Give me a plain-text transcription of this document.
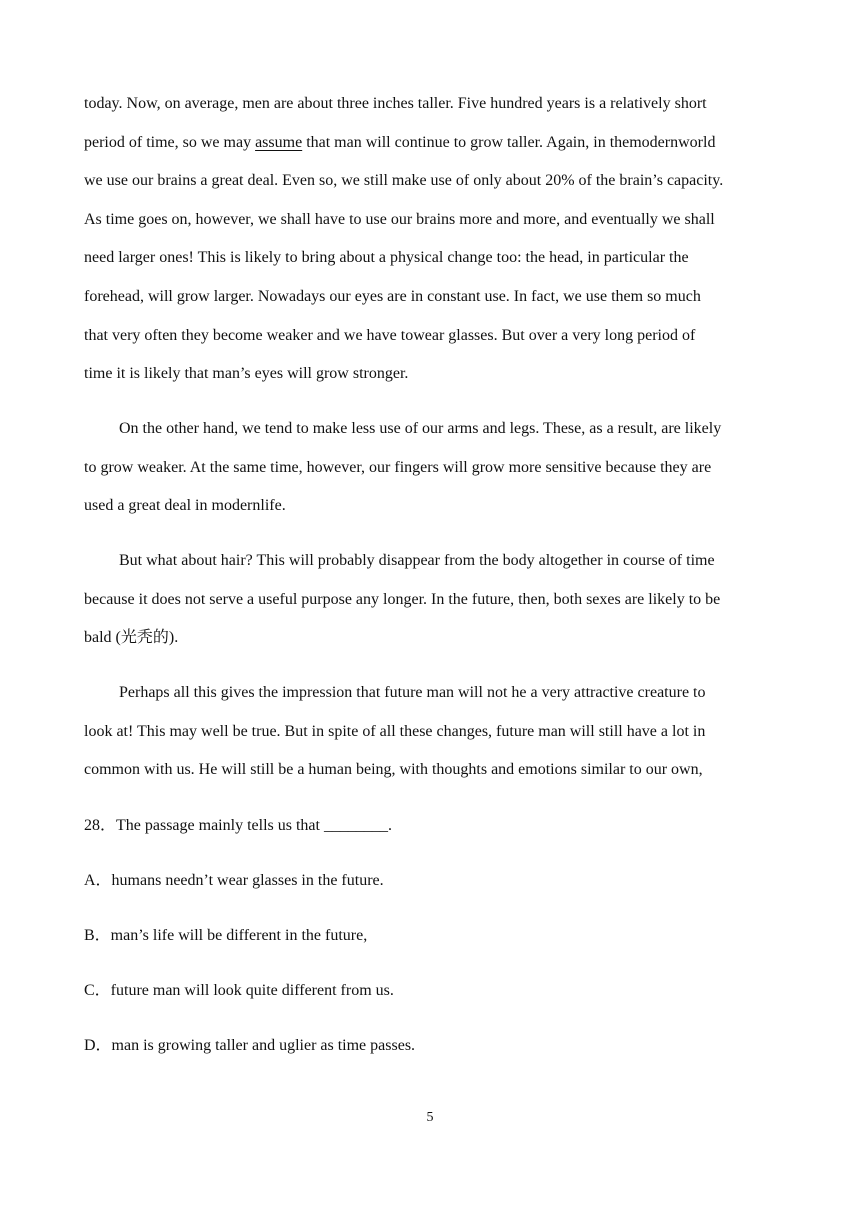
today. Now, on average, men are about three inches taller. Five hundred years is a relatively short
period of time, so we may assume that man will continue to grow taller. Again, in themodernworld
we use our brains a great deal. Even so, we still make use of only about 20% of the brain’s capacity.
As time goes on, however, we shall have to use our brains more and more, and eventually we shall
need larger ones! This is likely to bring about a physical change too: the head, in particular the
forehead, will grow larger. Nowadays our eyes are in constant use. In fact, we use them so much
that very often they become weaker and we have towear glasses. But over a very long period of
time it is likely that man’s eyes will grow stronger.
On the other hand, we tend to make less use of our arms and legs. These, as a result, are likely
to grow weaker. At the same time, however, our fingers will grow more sensitive because they are
used a great deal in modernlife.
But what about hair? This will probably disappear from the body altogether in course of time
because it does not serve a useful purpose any longer. In the future, then, both sexes are likely to be
bald (光秃的).
Perhaps all this gives the impression that future man will not he a very attractive creature to
look at! This may well be true. But in spite of all these changes, future man will still have a lot in
common with us. He will still be a human being, with thoughts and emotions similar to our own,
28．The passage mainly tells us that ________.
A．humans needn’t wear glasses in the future.
B．man’s life will be different in the future,
C．future man will look quite different from us.
D．man is growing taller and uglier as time passes.
5
